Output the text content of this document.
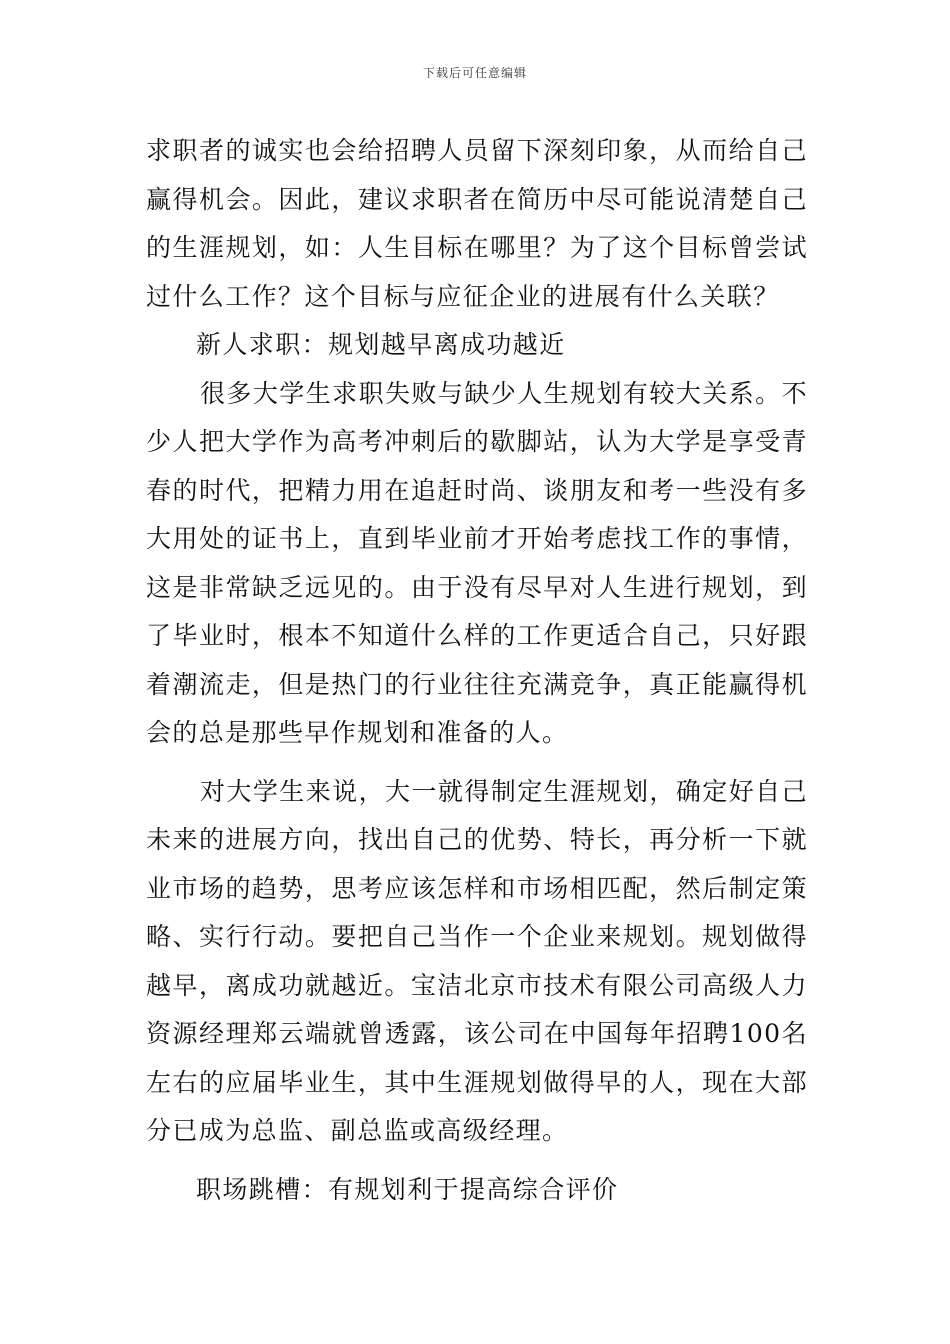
下载后可任意编辑

求职者的诚实也会给招聘人员留下深刻印象，从而给自己赢得机会。因此，建议求职者在简历中尽可能说清楚自己的生涯规划，如：人生目标在哪里？为了这个目标曾尝试过什么工作？这个目标与应征企业的进展有什么关联？

新人求职：规划越早离成功越近

很多大学生求职失败与缺少人生规划有较大关系。不少人把大学作为高考冲刺后的歇脚站，认为大学是享受青春的时代，把精力用在追赶时尚、谈朋友和考一些没有多大用处的证书上，直到毕业前才开始考虑找工作的事情，这是非常缺乏远见的。由于没有尽早对人生进行规划，到了毕业时，根本不知道什么样的工作更适合自己，只好跟着潮流走，但是热门的行业往往充满竞争，真正能赢得机会的总是那些早作规划和准备的人。

对大学生来说，大一就得制定生涯规划，确定好自己未来的进展方向，找出自己的优势、特长，再分析一下就业市场的趋势，思考应该怎样和市场相匹配，然后制定策略、实行行动。要把自己当作一个企业来规划。规划做得越早，离成功就越近。宝洁北京市技术有限公司高级人力资源经理郑云端就曾透露，该公司在中国每年招聘100名左右的应届毕业生，其中生涯规划做得早的人，现在大部分已成为总监、副总监或高级经理。

职场跳槽：有规划利于提高综合评价
